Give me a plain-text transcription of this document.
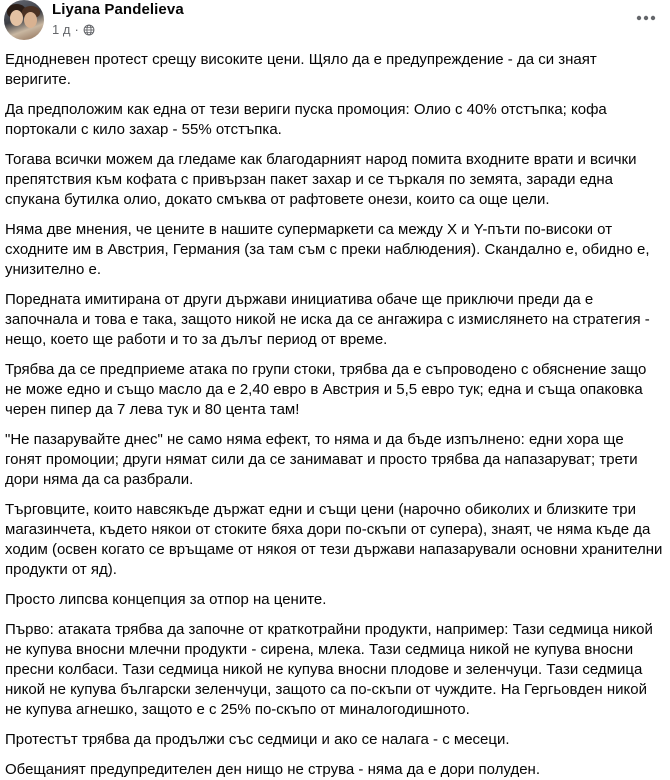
Liyana Pandelieva
1 д ·

Еднодневен протест срещу високите цени. Щяло да е предупреждение - да си знаят веригите.

Да предположим как една от тези вериги пуска промоция: Олио с 40% отстъпка; кофа портокали с кило захар - 55% отстъпка.

Тогава всички можем да гледаме как благодарният народ помита входните врати и всички препятствия към кофата с привързан пакет захар и се търкаля по земята, заради една спукана бутилка олио, докато смъква от рафтовете онези, които са още цели.

Няма две мнения, че цените в нашите супермаркети са между X и Y-пъти по-високи от сходните им в Австрия, Германия (за там съм с преки наблюдения). Скандално е, обидно е, унизително е.

Поредната имитирана от други държави инициатива обаче ще приключи преди да е започнала и това е така, защото никой не иска да се ангажира с измислянето на стратегия - нещо, което ще работи и то за дълъг период от време.

Трябва да се предприеме атака по групи стоки, трябва да е съпроводено с обяснение защо не може едно и също масло да е 2,40 евро в Австрия и 5,5 евро тук; една и съща опаковка черен пипер да 7 лева тук и 80 цента там!

"Не пазарувайте днес" не само няма ефект, то няма и да бъде изпълнено: едни хора ще гонят промоции; други нямат сили да се занимават и просто трябва да напазаруват; трети дори няма да са разбрали.

Търговците, които навсякъде държат едни и същи цени (нарочно обиколих и близките три магазинчета, където някои от стоките бяха дори по-скъпи от супера), знаят, че няма къде да ходим (освен когато се връщаме от някоя от тези държави напазарували основни хранителни продукти от яд).

Просто липсва концепция за отпор на цените.

Първо: атаката трябва да започне от краткотрайни продукти, например: Тази седмица никой не купува вносни млечни продукти - сирена, млека. Тази седмица никой не купува вносни пресни колбаси. Тази седмица никой не купува вносни плодове и зеленчуци. Тази седмица никой не купува български зеленчуци, защото са по-скъпи от чуждите. На Гергьовден никой не купува агнешко, защото е с 25% по-скъпо от миналогодишното.

Протестът трябва да продължи със седмици и ако се налага - с месеци.

Обещаният предупредителен ден нищо не струва - няма да е дори полуден.
